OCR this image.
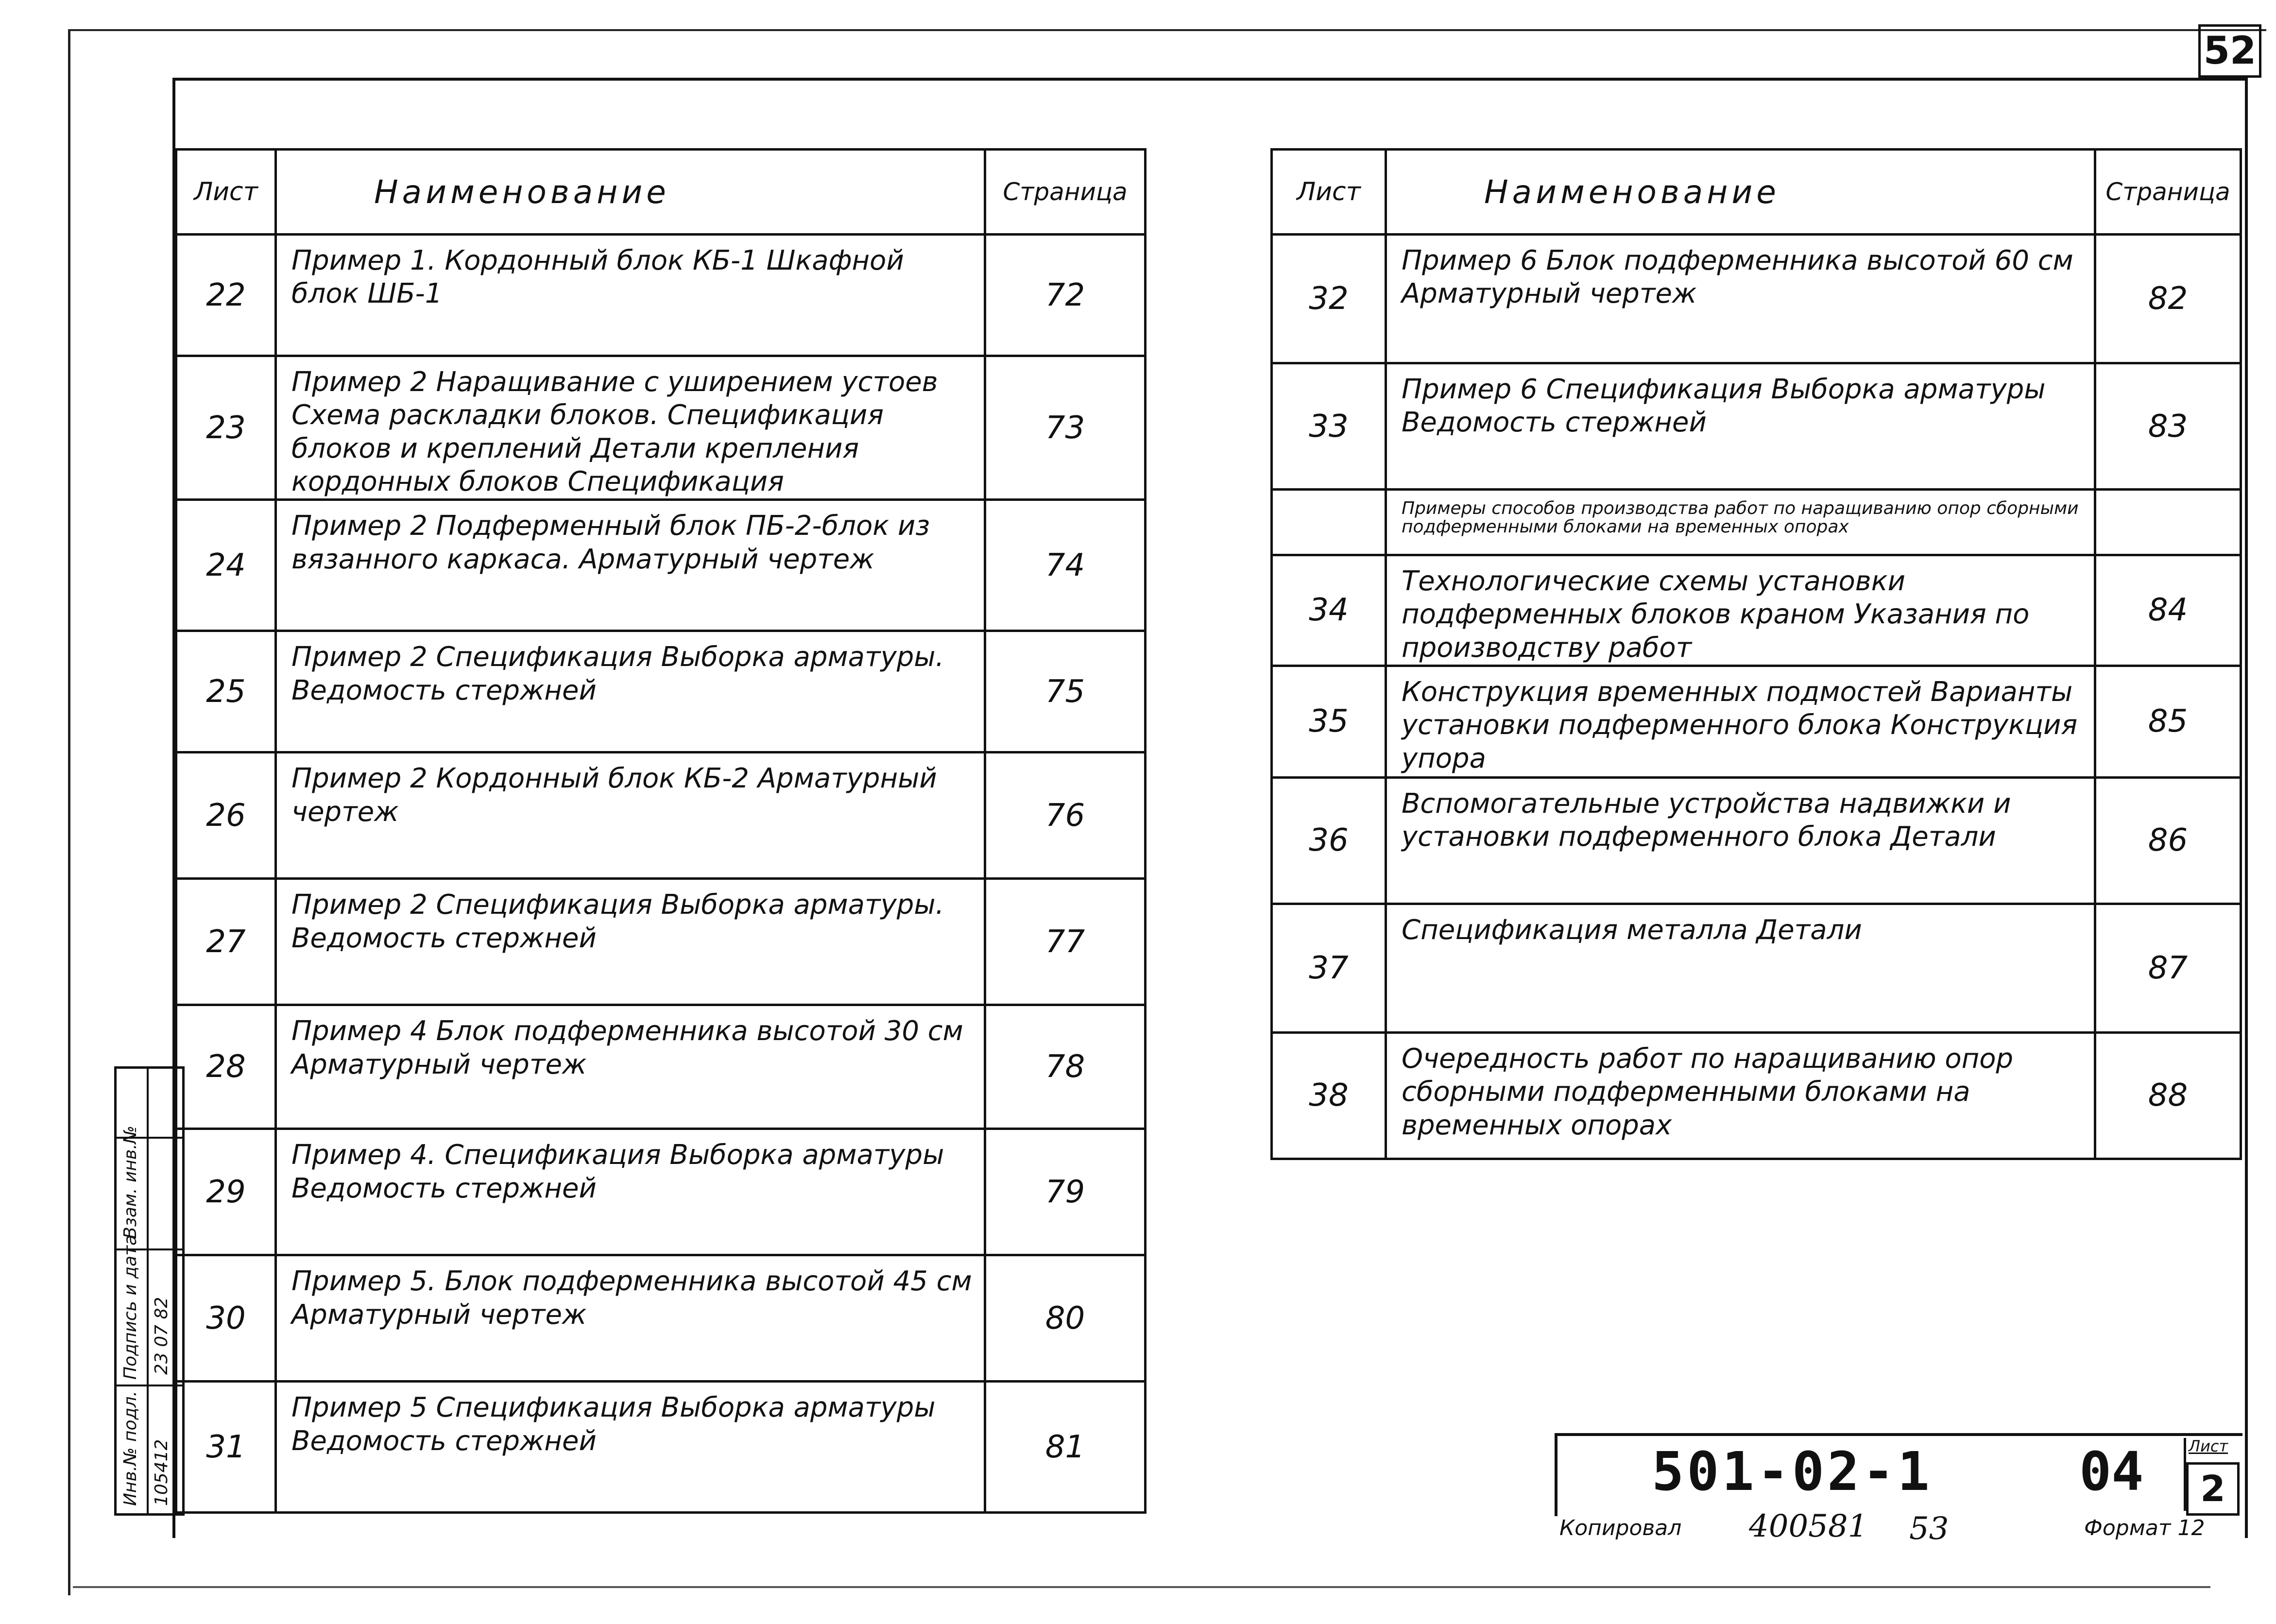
52
Лист	Наименование	Страница
22	Пример 1. Кордонный блок КБ-1 Шкафной блок ШБ-1	72
23	Пример 2 Наращивание с уширением устоев Схема раскладки блоков. Спецификация блоков и креплений Детали крепления кордонных блоков Спецификация	73
24	Пример 2 Подферменный блок ПБ-2-блок из вязанного каркаса. Арматурный чертеж	74
25	Пример 2 Спецификация Выборка арматуры. Ведомость стержней	75
26	Пример 2 Кордонный блок КБ-2 Арматурный чертеж	76
27	Пример 2 Спецификация Выборка арматуры. Ведомость стержней	77
28	Пример 4 Блок подферменника высотой 30 см Арматурный чертеж	78
29	Пример 4. Спецификация Выборка арматуры Ведомость стержней	79
30	Пример 5. Блок подферменника высотой 45 см Арматурный чертеж	80
31	Пример 5 Спецификация Выборка арматуры Ведомость стержней	81
Лист	Наименование	Страница
32	Пример 6 Блок подферменника высотой 60 см Арматурный чертеж	82
33	Пример 6 Спецификация Выборка арматуры Ведомость стержней	83
	Примеры способов производства работ по наращиванию опор сборными подферменными блоками на временных опорах	
34	Технологические схемы установки подферменных блоков краном Указания по производству работ	84
35	Конструкция временных подмостей Варианты установки подферменного блока Конструкция упора	85
36	Вспомогательные устройства надвижки и установки подферменного блока Детали	86
37	Спецификация металла Детали	87
38	Очередность работ по наращиванию опор сборными подферменными блоками на временных опорах	88
Инв.№ подл. 105412
Подпись и дата 23 07 82
Взам. инв.№
501-02-1	04	Лист
2
Копировал 400581 53	Формат 12
